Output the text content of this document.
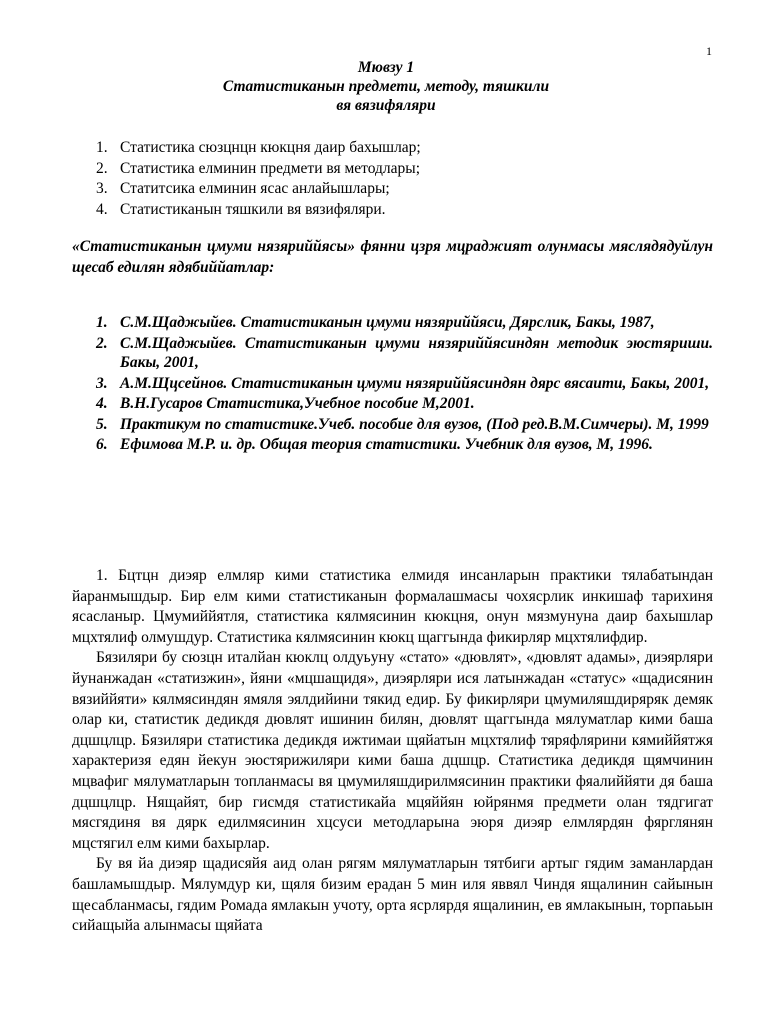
1
Мювзу 1
Статистиканын предмети, методу, тяшкили
вя вязифяляри
1. Статистика сюзцнцн кюкцня даир бахышлар;
2. Статистика елминин предмети вя методлары;
3. Статитсика елминин ясас анлайышлары;
4. Статистиканын тяшкили вя вязифяляри.

«Статистиканын цмуми нязяриййясы» фянни цзря мцраджият олунмасы мяслядядуйлун щесаб едилян ядябиййатлар:

1. С.М.Щаджыйев. Статистиканын цмуми нязяриййяси, Дярслик, Бакы, 1987,
2. С.М.Щаджыйев. Статистиканын цмуми нязяриййясиндян методик эюстяриши. Бакы, 2001,
3. А.М.Щцсейнов. Статистиканын цмуми нязяриййясиндян дярс вясаити, Бакы, 2001,
4. В.Н.Гусаров Статистика,Учебное пособие М,2001.
5. Практикум по статистике.Учеб. пособие для вузов, (Под ред.В.М.Симчеры). М, 1999
6. Ефимова М.Р. и. др. Общая теория статистики. Учебник для вузов, М, 1996.

1. Бцтцн диэяр елмляр кими статистика елмидя инсанларын практики тялабатындан йаранмышдыр. Бир елм кими статистиканын формалашмасы чохясрлик инкишаф тарихиня ясасланыр. Цмумиййятля, статистика кялмясинин кюкцня, онун мязмунуна даир бахышлар мцхтялиф олмушдур. Статистика кялмясинин кюкц щаггында фикирляр мцхтялифдир.

Бязиляри бу сюзцн италйан кюклц олдуьуну «стато» «дювлят», «дювлят адамы», диэярляри йунанжадан «статизжин», йяни «мцшащидя», диэярляри ися латынжадан «статус» «щадисянин вязиййяти» кялмясиндян ямяля эялдийини тякид едир. Бу фикирляри цмумиляшдиряряк демяк олар ки, статистик дедикдя дювлят ишинин билян, дювлят щаггында мялуматлар кими баша дцшцлцр. Бязиляри статистика дедикдя ижтимаи щяйатын мцхтялиф тяряфлярини кямиййятжя характеризя едян йекун эюстярижиляри кими баша дцшцр. Статистика дедикдя щямчинин мцвафиг мялуматларын топланмасы вя цмумиляшдирилмясинин практики фяалиййяти дя баша дцшцлцр. Нящайят, бир гисмдя статистикайа мцяййян юйрянмя предмети олан тядгигат мясгядиня вя дярк едилмясинин хцсуси методларына эюря диэяр елмлярдян фярглянян мцстягил елм кими бахырлар.

Бу вя йа диэяр щадисяйя аид олан рягям мялуматларын тятбиги артыг гядим заманлардан башламышдыр. Мялумдур ки, щяля бизим ерадан 5 мин иля яввял Чиндя ящалинин сайынын щесабланмасы, гядим Ромада ямлакын учоту, орта ясрлярдя ящалинин, ев ямлакынын, торпаьын сийащыйа алынмасы щяйата
